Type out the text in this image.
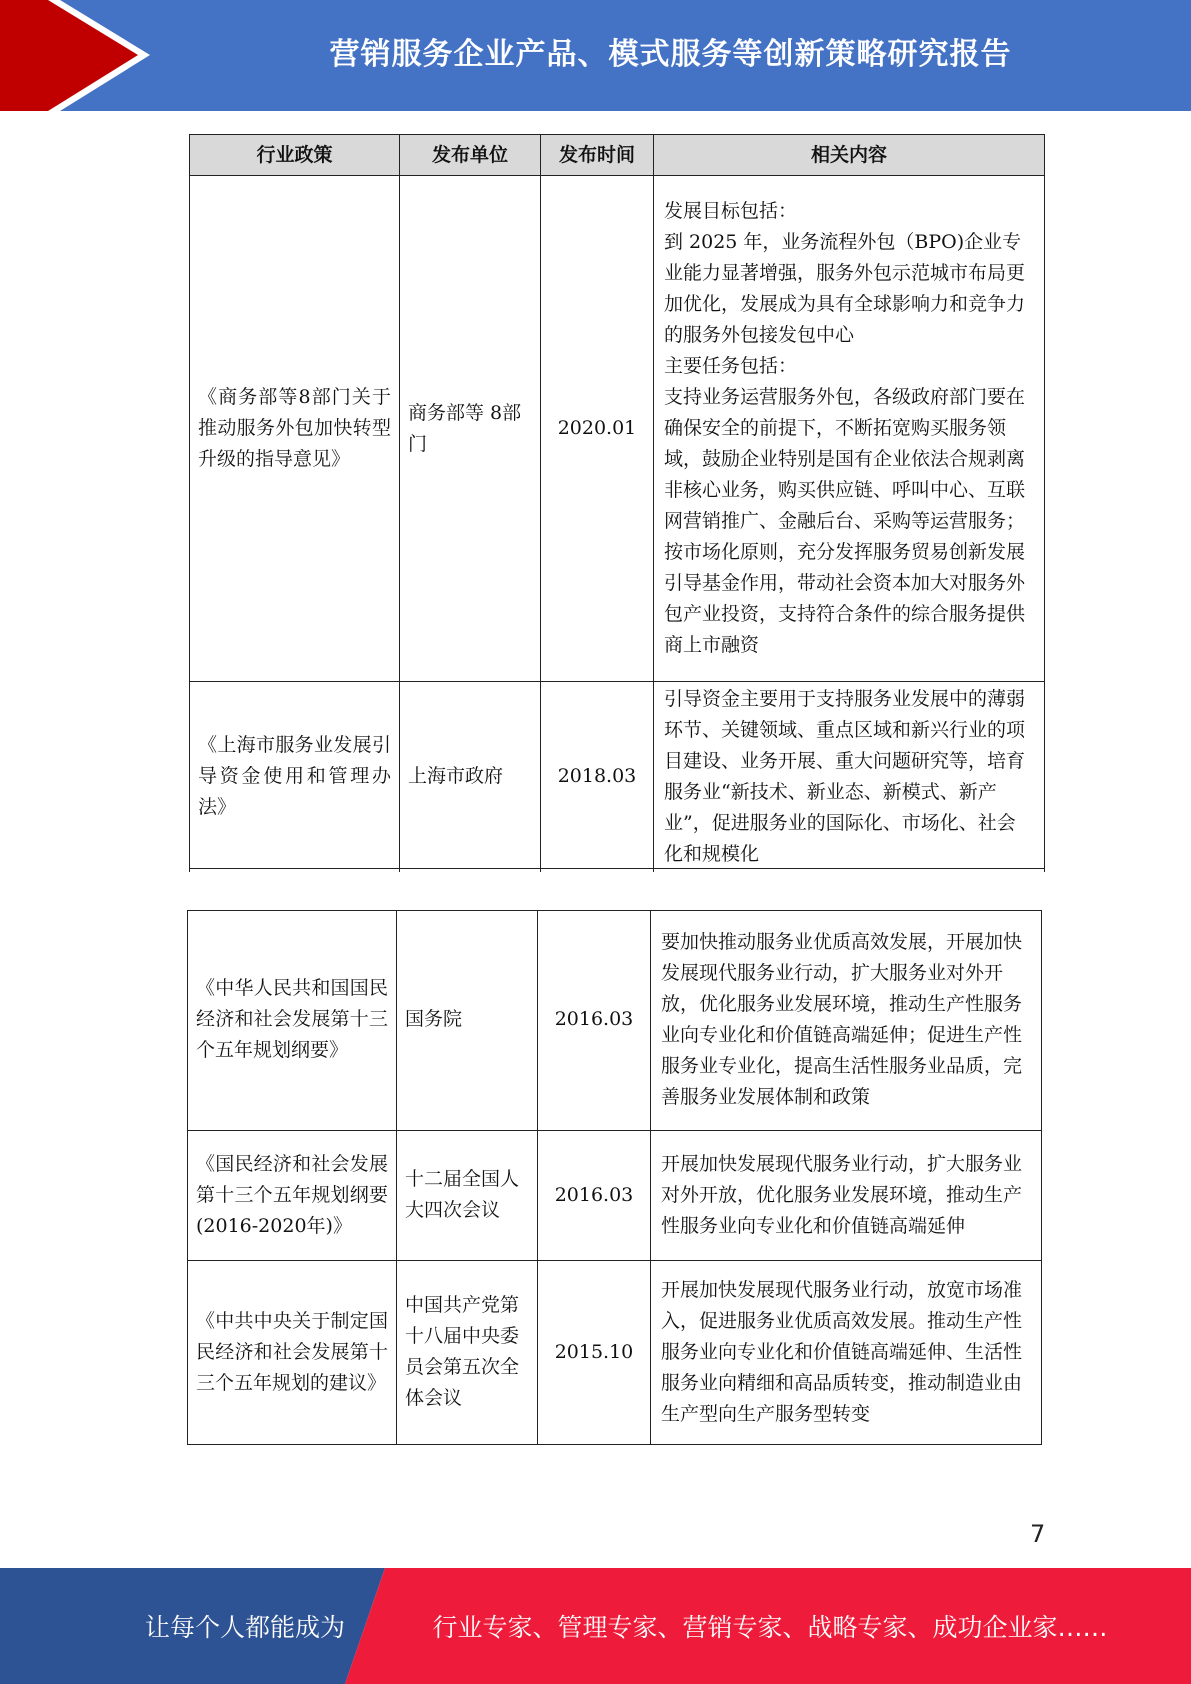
营销服务企业产品、模式服务等创新策略研究报告
行业政策	发布单位	发布时间	相关内容
《商务部等8部门关于推动服务外包加快转型升级的指导意见》	商务部等 8部门	2020.01	发展目标包括：
到 2025 年，业务流程外包（BPO)企业专业能力显著增强，服务外包示范城市布局更加优化，发展成为具有全球影响力和竞争力的服务外包接发包中心
主要任务包括：
支持业务运营服务外包，各级政府部门要在确保安全的前提下，不断拓宽购买服务领域，鼓励企业特别是国有企业依法合规剥离非核心业务，购买供应链、呼叫中心、互联网营销推广、金融后台、采购等运营服务；
按市场化原则，充分发挥服务贸易创新发展引导基金作用，带动社会资本加大对服务外包产业投资，支持符合条件的综合服务提供商上市融资

《上海市服务业发展引导资金使用和管理办法》	上海市政府	2018.03	引导资金主要用于支持服务业发展中的薄弱环节、关键领域、重点区域和新兴行业的项目建设、业务开展、重大问题研究等，培育服务业“新技术、新业态、新模式、新产业”，促进服务业的国际化、市场化、社会化和规模化
《中华人民共和国国民经济和社会发展第十三个五年规划纲要》	国务院	2016.03	要加快推动服务业优质高效发展，开展加快发展现代服务业行动，扩大服务业对外开放，优化服务业发展环境，推动生产性服务业向专业化和价值链高端延伸；促进生产性服务业专业化，提高生活性服务业品质，完善服务业发展体制和政策

《国民经济和社会发展第十三个五年规划纲要(2016-2020年)》	十二届全国人大四次会议	2016.03	开展加快发展现代服务业行动，扩大服务业对外开放，优化服务业发展环境，推动生产性服务业向专业化和价值链高端延伸

《中共中央关于制定国民经济和社会发展第十三个五年规划的建议》	中国共产党第十八届中央委员会第五次全体会议	2015.10	开展加快发展现代服务业行动，放宽市场准入，促进服务业优质高效发展。推动生产性服务业向专业化和价值链高端延伸、生活性服务业向精细和高品质转变，推动制造业由生产型向生产服务型转变
7
让每个人都能成为	行业专家、管理专家、营销专家、战略专家、成功企业家……
